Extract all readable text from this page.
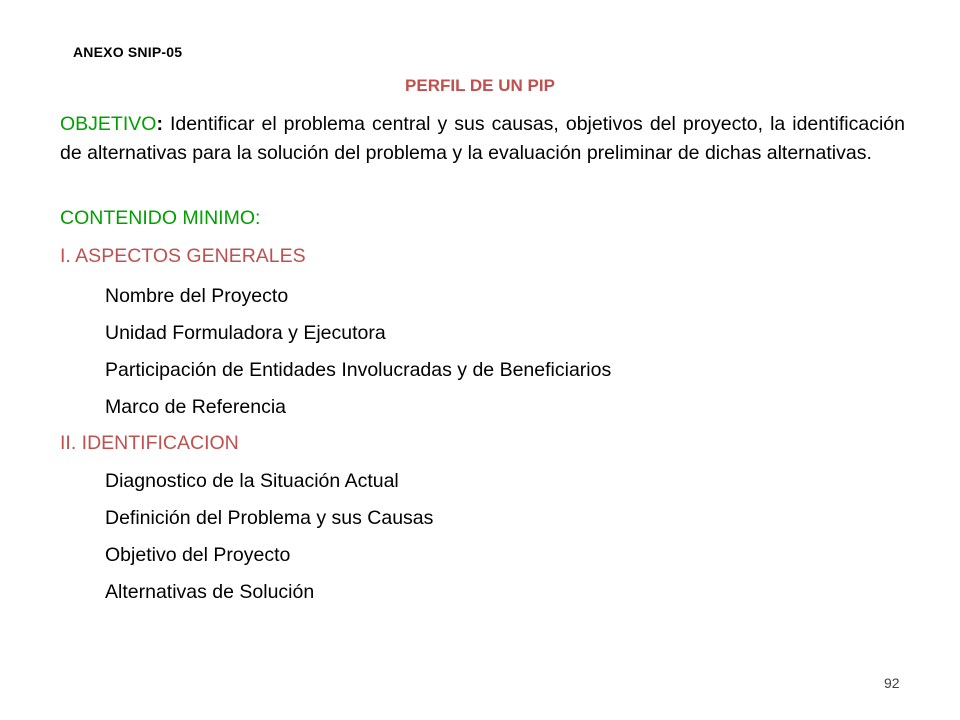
ANEXO SNIP-05
PERFIL DE UN PIP
OBJETIVO: Identificar el problema central y sus causas, objetivos del proyecto, la identificación de alternativas para la solución del problema y la evaluación preliminar de dichas alternativas.
CONTENIDO MINIMO:
I. ASPECTOS GENERALES
Nombre del Proyecto
Unidad Formuladora y Ejecutora
Participación de Entidades Involucradas y de Beneficiarios
Marco de Referencia
II. IDENTIFICACION
Diagnostico de la Situación Actual
Definición del Problema y sus Causas
Objetivo del Proyecto
Alternativas de Solución
92
